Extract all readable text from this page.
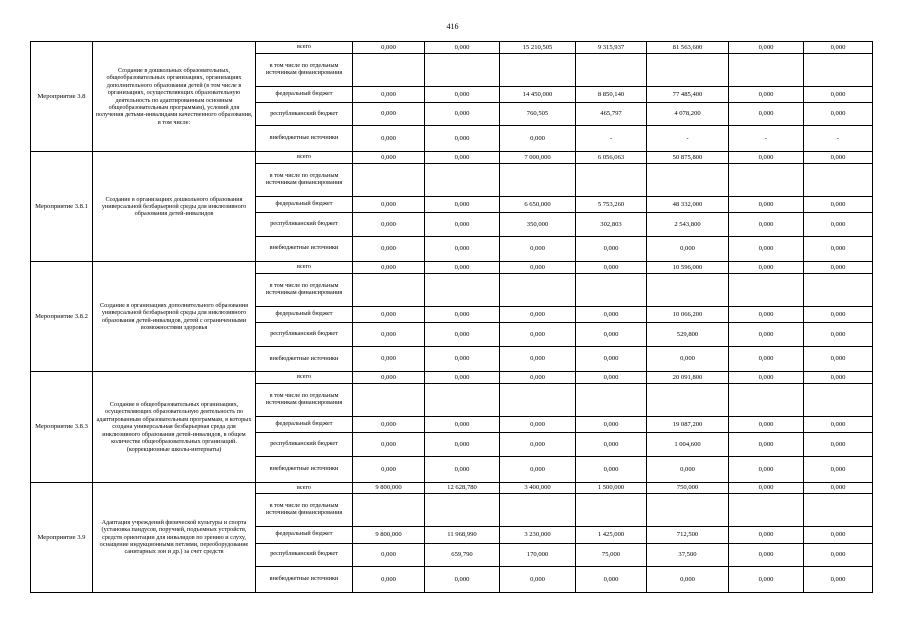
416
Мероприятие 3.8	Создание в дошкольных образовательных, общеобразовательных организациях, организациях дополнительного образования детей (в том числе в организациях, осуществляющих образовательную деятельность по адаптированным основным общеобразовательным программам), условий для получения детьми-инвалидами качественного образования, в том числе:	всего	0,000	0,000	15 210,505	9 315,937	81 563,600	0,000	0,000
		в том числе по отдельным источникам финансирования							
		федеральный бюджет	0,000	0,000	14 450,000	8 850,140	77 485,400	0,000	0,000
		республиканский бюджет	0,000	0,000	760,505	465,797	4 078,200	0,000	0,000
		внебюджетные источники	0,000	0,000	0,000	-	-	-	-
Мероприятие 3.8.1	Создание в организациях дошкольного образования универсальной безбарьерной среды для инклюзивного образования детей-инвалидов	всего	0,000	0,000	7 000,000	6 056,063	50 875,800	0,000	0,000
		в том числе по отдельным источникам финансирования							
		федеральный бюджет	0,000	0,000	6 650,000	5 753,260	48 332,000	0,000	0,000
		республиканский бюджет	0,000	0,000	350,000	302,803	2 543,800	0,000	0,000
		внебюджетные источники	0,000	0,000	0,000	0,000	0,000	0,000	0,000
Мероприятие 3.8.2	Создание в организациях дополнительного образования универсальной безбарьерной среды для инклюзивного образования детей-инвалидов, детей с ограниченными возможностями здоровья	всего	0,000	0,000	0,000	0,000	10 596,000	0,000	0,000
		в том числе по отдельным источникам финансирования							
		федеральный бюджет	0,000	0,000	0,000	0,000	10 066,200	0,000	0,000
		республиканский бюджет	0,000	0,000	0,000	0,000	529,800	0,000	0,000
		внебюджетные источники	0,000	0,000	0,000	0,000	0,000	0,000	0,000
Мероприятие 3.8.3	Создание в общеобразовательных организациях, осуществляющих образовательную деятельность по адаптированным образовательным программам, в которых создана универсальная безбарьерная среда для инклюзивного образования детей-инвалидов, в общем количестве общеобразовательных организаций. (коррекционные школы-интернаты)	всего	0,000	0,000	0,000	0,000	20 091,800	0,000	0,000
		в том числе по отдельным источникам финансирования							
		федеральный бюджет	0,000	0,000	0,000	0,000	19 087,200	0,000	0,000
		республиканский бюджет	0,000	0,000	0,000	0,000	1 004,600	0,000	0,000
		внебюджетные источники	0,000	0,000	0,000	0,000	0,000	0,000	0,000
Мероприятие 3.9	Адаптация учреждений физической культуры и спорта (установка пандусов, поручней, подъемных устройств, средств ориентации для инвалидов по зрению и слуху, оснащение индукционными петлями, переоборудование санитарных зон и др.) за счет средств	всего	9 800,000	12 628,780	3 400,000	1 500,000	750,000	0,000	0,000
		в том числе по отдельным источникам финансирования							
		федеральный бюджет	9 800,000	11 968,990	3 230,000	1 425,000	712,500	0,000	0,000
		республиканский бюджет	0,000	659,790	170,000	75,000	37,500	0,000	0,000
		внебюджетные источники	0,000	0,000	0,000	0,000	0,000	0,000	0,000
